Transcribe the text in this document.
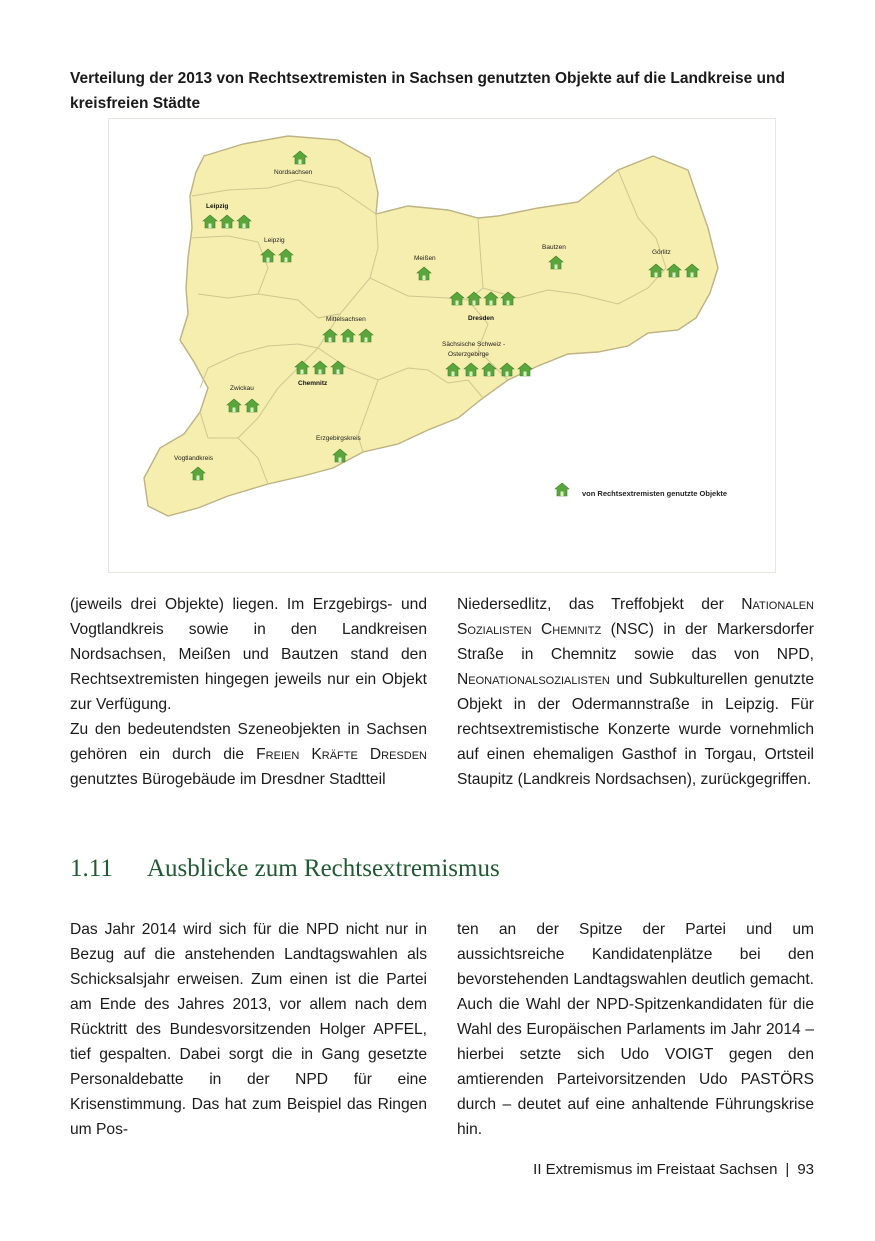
Verteilung der 2013 von Rechtsextremisten in Sachsen genutzten Objekte auf die Landkreise und kreisfreien Städte
Nordsachsen
Leipzig
Leipzig
Meißen
Bautzen
Görlitz
Dresden
Mittelsachsen
Sächsische Schweiz -
Osterzgebirge
Chemnitz
Zwickau
Erzgebirgskreis
Vogtlandkreis
von Rechtsextremisten genutzte Objekte

(jeweils drei Objekte) liegen. Im Erzgebirgs- und Vogtlandkreis sowie in den Landkreisen Nordsachsen, Meißen und Bautzen stand den Rechtsextremisten hingegen jeweils nur ein Objekt zur Verfügung.

Zu den bedeutendsten Szeneobjekten in Sachsen gehören ein durch die Freien Kräfte Dresden genutztes Bürogebäude im Dresdner Stadtteil

Niedersedlitz, das Treffobjekt der Nationalen Sozialisten Chemnitz (NSC) in der Markersdorfer Straße in Chemnitz sowie das von NPD, Neonationalsozialisten und Subkulturellen genutzte Objekt in der Odermannstraße in Leipzig. Für rechtsextremistische Konzerte wurde vornehmlich auf einen ehemaligen Gasthof in Torgau, Ortsteil Staupitz (Landkreis Nordsachsen), zurückgegriffen.

1.11 Ausblicke zum Rechtsextremismus

Das Jahr 2014 wird sich für die NPD nicht nur in Bezug auf die anstehenden Landtagswahlen als Schicksalsjahr erweisen. Zum einen ist die Partei am Ende des Jahres 2013, vor allem nach dem Rücktritt des Bundesvorsitzenden Holger APFEL, tief gespalten. Dabei sorgt die in Gang gesetzte Personaldebatte in der NPD für eine Krisenstimmung. Das hat zum Beispiel das Ringen um Pos-

ten an der Spitze der Partei und um aussichtsreiche Kandidatenplätze bei den bevorstehenden Landtagswahlen deutlich gemacht. Auch die Wahl der NPD-Spitzenkandidaten für die Wahl des Europäischen Parlaments im Jahr 2014 – hierbei setzte sich Udo VOIGT gegen den amtierenden Parteivorsitzenden Udo PASTÖRS durch – deutet auf eine anhaltende Führungskrise hin.

II Extremismus im Freistaat Sachsen | 93
